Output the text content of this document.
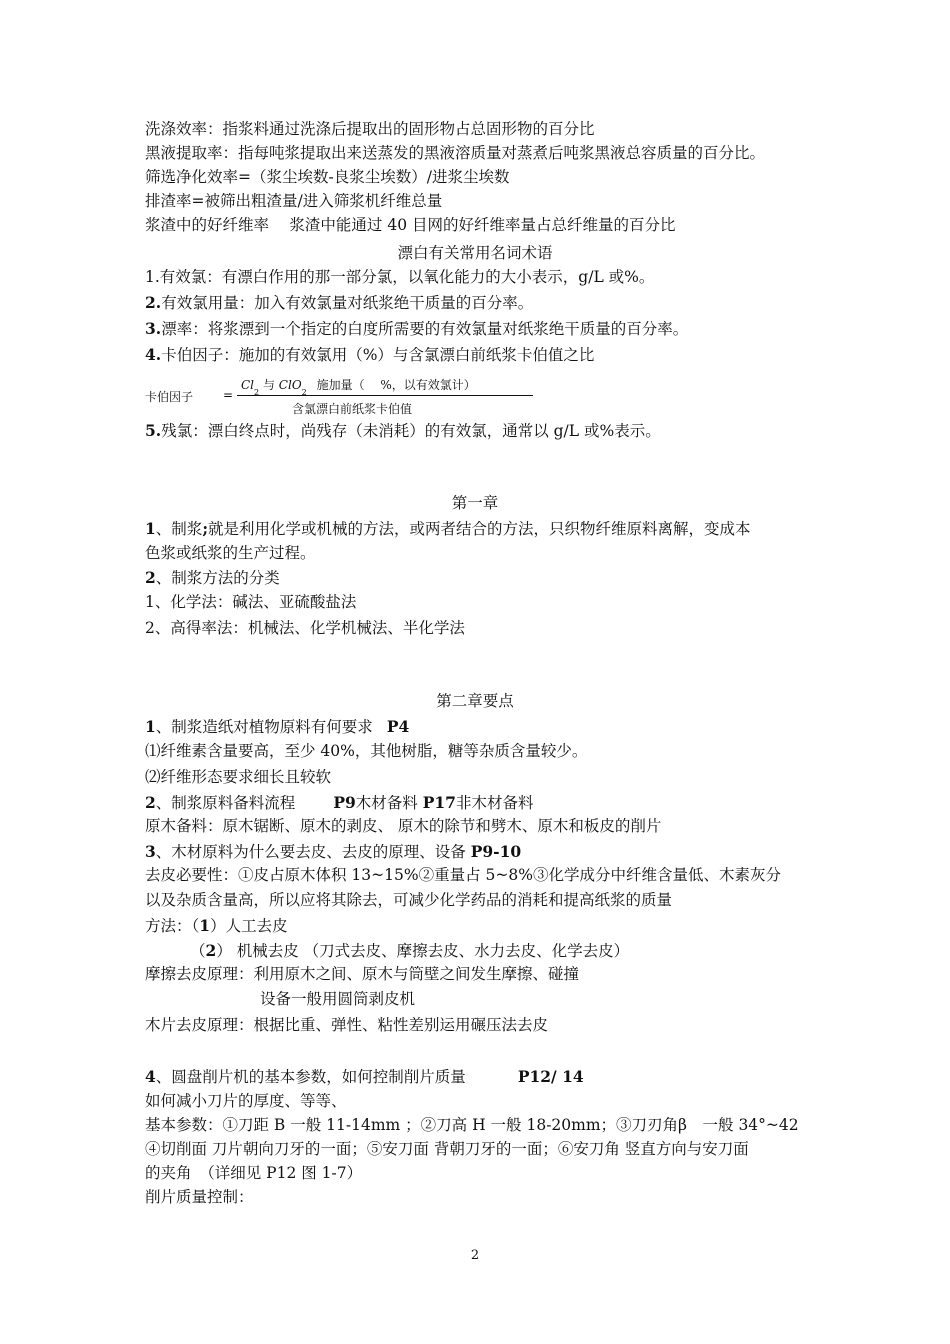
洗涤效率：指浆料通过洗涤后提取出的固形物占总固形物的百分比
黑液提取率：指每吨浆提取出来送蒸发的黑液溶质量对蒸煮后吨浆黑液总容质量的百分比。
筛选净化效率=（浆尘埃数-良浆尘埃数）/进浆尘埃数
排渣率=被筛出粗渣量/进入筛浆机纤维总量
浆渣中的好纤维率　 浆渣中能通过 40 目网的好纤维率量占总纤维量的百分比
漂白有关常用名词术语
1.有效氯：有漂白作用的那一部分氯，以氧化能力的大小表示，g/L 或%。
2.有效氯用量：加入有效氯量对纸浆绝干质量的百分率。
3.漂率：将浆漂到一个指定的白度所需要的有效氯量对纸浆绝干质量的百分率。
4.卡伯因子：施加的有效氯用（%）与含氯漂白前纸浆卡伯值之比
卡伯因子 =
$Cl_2$ 与 ClO$_2$ 施加量（　 %，以有效氯计）
含氯漂白前纸浆卡伯值
5.残氯：漂白终点时，尚残存（未消耗）的有效氯，通常以 g/L 或%表示。
第一章
1、制浆;就是利用化学或机械的方法，或两者结合的方法，只织物纤维原料离解，变成本
色浆或纸浆的生产过程。
2、制浆方法的分类
1、化学法：碱法、亚硫酸盐法
2、高得率法：机械法、化学机械法、半化学法
第二章要点
1、制浆造纸对植物原料有何要求 P4
⑴纤维素含量要高，至少 40%，其他树脂，糖等杂质含量较少。
⑵纤维形态要求细长且较软
2、制浆原料备料流程 P9木材备料 P17非木材备料
原木备料：原木锯断、原木的剥皮、 原木的除节和劈木、原木和板皮的削片
3、木材原料为什么要去皮、去皮的原理、设备 P9-10
去皮必要性：①皮占原木体积 13~15%②重量占 5~8%③化学成分中纤维含量低、木素灰分
以及杂质含量高，所以应将其除去，可减少化学药品的消耗和提高纸浆的质量
方法：（1）人工去皮
（2） 机械去皮 （刀式去皮、摩擦去皮、水力去皮、化学去皮）
摩擦去皮原理：利用原木之间、原木与筒壁之间发生摩擦、碰撞
设备一般用圆筒剥皮机
木片去皮原理：根据比重、弹性、粘性差别运用碾压法去皮
4、圆盘削片机的基本参数，如何控制削片质量	P12/ 14
如何减小刀片的厚度、等等、
基本参数：①刀距 B 一般 11-14mm ；②刀高 H 一般 18-20mm；③刀刃角β　一般 34°~42
④切削面 刀片朝向刀牙的一面；⑤安刀面 背朝刀牙的一面；⑥安刀角 竖直方向与安刀面
的夹角　（详细见 P12 图 1-7）
削片质量控制：
2
